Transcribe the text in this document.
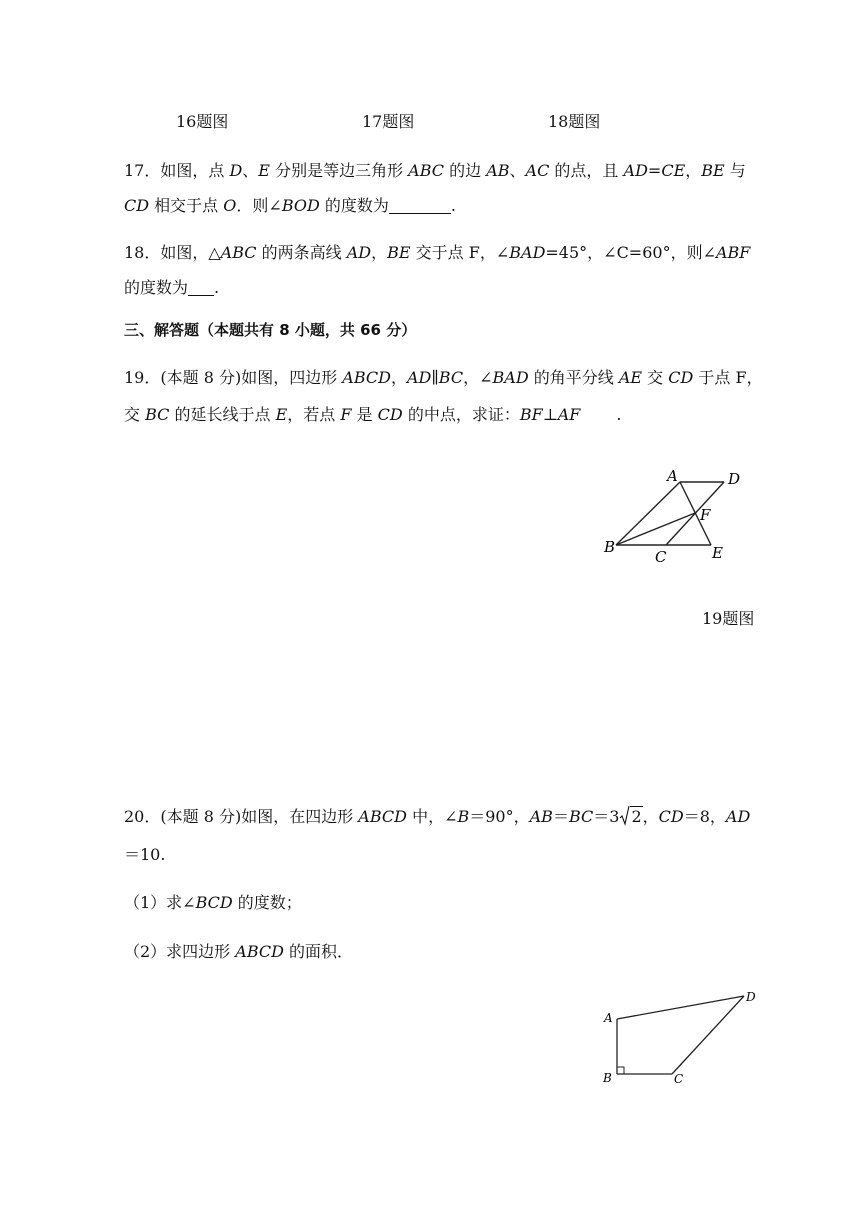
16题图	17题图	18题图
17．如图，点 D、E 分别是等边三角形 ABC 的边 AB、AC 的点，且 AD=CE，BE 与
CD 相交于点 O．则∠BOD 的度数为	.
18．如图，△ABC 的两条高线 AD，BE 交于点 F，∠BAD=45°，∠C=60°，则∠ABF
的度数为 .
三、解答题（本题共有 8 小题，共 66 分）
19．(本题 8 分)如图，四边形 ABCD，AD∥BC，∠BAD 的角平分线 AE 交 CD 于点 F，
交 BC 的延长线于点 E，若点 F 是 CD 的中点，求证：BF⊥AF .
A	D
F
B
C	E
19题图
20．(本题 8 分)如图，在四边形 ABCD 中，∠B＝90°，AB＝BC＝3 2，CD＝8，AD
＝10.
（1）求∠BCD 的度数；
（2）求四边形 ABCD 的面积．
A
B	C
D
